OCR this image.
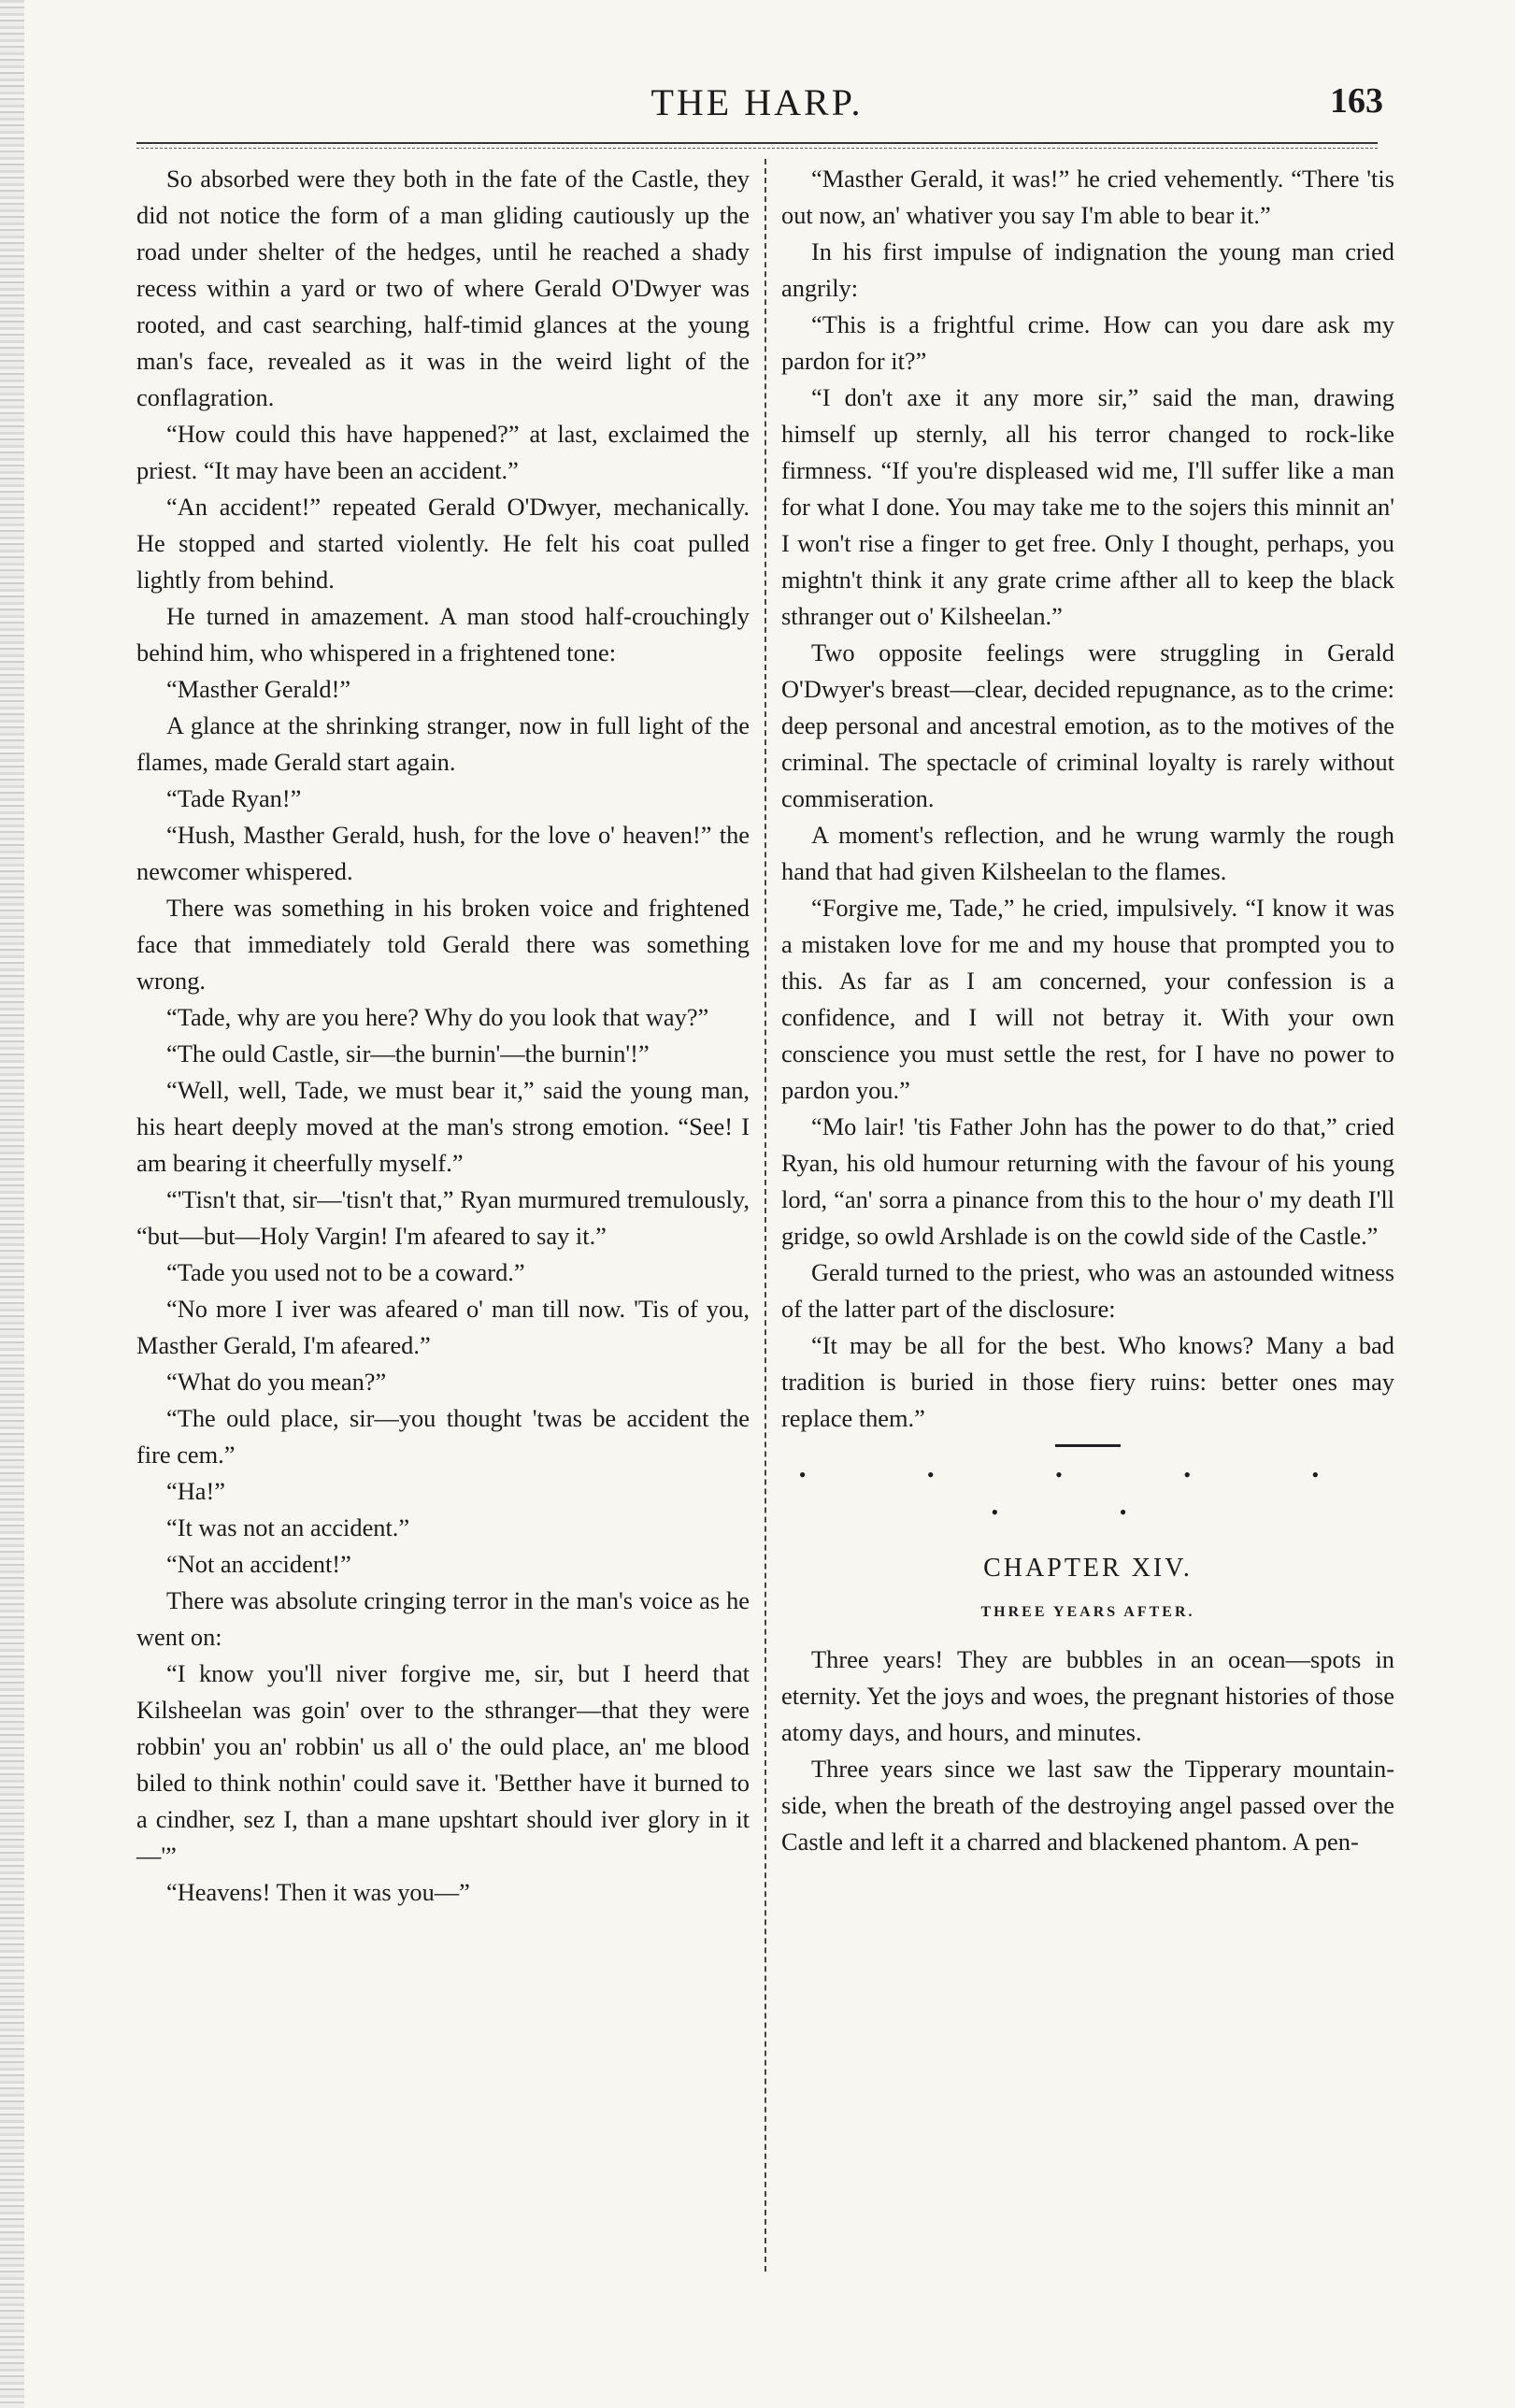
THE HARP.	163

So absorbed were they both in the fate of the Castle, they did not notice the form of a man gliding cautiously up the road under shelter of the hedges, until he reached a shady recess within a yard or two of where Gerald O'Dwyer was rooted, and cast searching, half-timid glances at the young man's face, revealed as it was in the weird light of the conflagration.

“How could this have happened?” at last, exclaimed the priest. “It may have been an accident.”

“An accident!” repeated Gerald O'Dwyer, mechanically. He stopped and started violently. He felt his coat pulled lightly from behind.

He turned in amazement. A man stood half-crouchingly behind him, who whispered in a frightened tone:

“Masther Gerald!”

A glance at the shrinking stranger, now in full light of the flames, made Gerald start again.

“Tade Ryan!”

“Hush, Masther Gerald, hush, for the love o' heaven!” the newcomer whispered.

There was something in his broken voice and frightened face that immediately told Gerald there was something wrong.

“Tade, why are you here? Why do you look that way?”

“The ould Castle, sir—the burnin'—the burnin'!”

“Well, well, Tade, we must bear it,” said the young man, his heart deeply moved at the man's strong emotion. “See! I am bearing it cheerfully myself.”

“'Tisn't that, sir—'tisn't that,” Ryan murmured tremulously, “but—but—Holy Vargin! I'm afeared to say it.”

“Tade you used not to be a coward.”

“No more I iver was afeared o' man till now. 'Tis of you, Masther Gerald, I'm afeared.”

“What do you mean?”

“The ould place, sir—you thought 'twas be accident the fire cem.”

“Ha!”

“It was not an accident.”

“Not an accident!”

There was absolute cringing terror in the man's voice as he went on:

“I know you'll niver forgive me, sir, but I heerd that Kilsheelan was goin' over to the sthranger—that they were robbin' you an' robbin' us all o' the ould place, an' me blood biled to think nothin' could save it. 'Betther have it burned to a cindher, sez I, than a mane upshtart should iver glory in it—'”

“Heavens! Then it was you—”

“Masther Gerald, it was!” he cried vehemently. “There 'tis out now, an' whativer you say I'm able to bear it.”

In his first impulse of indignation the young man cried angrily:

“This is a frightful crime. How can you dare ask my pardon for it?”

“I don't axe it any more sir,” said the man, drawing himself up sternly, all his terror changed to rock-like firmness. “If you're displeased wid me, I'll suffer like a man for what I done. You may take me to the sojers this minnit an' I won't rise a finger to get free. Only I thought, perhaps, you mightn't think it any grate crime afther all to keep the black sthranger out o' Kilsheelan.”

Two opposite feelings were struggling in Gerald O'Dwyer's breast—clear, decided repugnance, as to the crime: deep personal and ancestral emotion, as to the motives of the criminal. The spectacle of criminal loyalty is rarely without commiseration.

A moment's reflection, and he wrung warmly the rough hand that had given Kilsheelan to the flames.

“Forgive me, Tade,” he cried, impulsively. “I know it was a mistaken love for me and my house that prompted you to this. As far as I am concerned, your confession is a confidence, and I will not betray it. With your own conscience you must settle the rest, for I have no power to pardon you.”

“Mo lair! 'tis Father John has the power to do that,” cried Ryan, his old humour returning with the favour of his young lord, “an' sorra a pinance from this to the hour o' my death I'll gridge, so owld Arshlade is on the cowld side of the Castle.”

Gerald turned to the priest, who was an astounded witness of the latter part of the disclosure:

“It may be all for the best. Who knows? Many a bad tradition is buried in those fiery ruins: better ones may replace them.”

• • • • • • •
CHAPTER XIV.
THREE YEARS AFTER.

Three years! They are bubbles in an ocean—spots in eternity. Yet the joys and woes, the pregnant histories of those atomy days, and hours, and minutes.

Three years since we last saw the Tipperary mountain-side, when the breath of the destroying angel passed over the Castle and left it a charred and blackened phantom. A pen-
